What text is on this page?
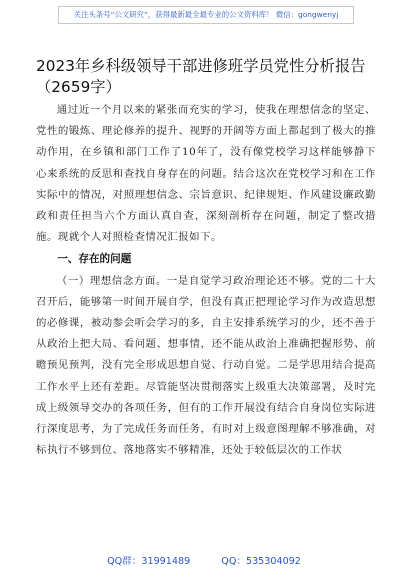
关注头条号“公文研究”，获得最新最全最专业的公文资料库！ 微信：gongwenyj
2023年乡科级领导干部进修班学员党性分析报告（2659字）

通过近一个月以来的紧张而充实的学习，使我在理想信念的坚定、党性的锻炼、理论修养的提升、视野的开阔等方面上都起到了极大的推动作用，在乡镇和部门工作了10年了，没有像党校学习这样能够静下心来系统的反思和查找自身存在的问题。结合这次在党校学习和在工作实际中的情况，对照理想信念、宗旨意识、纪律规矩、作风建设廉政勤政和责任担当六个方面认真自查，深刻剖析存在问题，制定了整改措施。现就个人对照检查情况汇报如下。

一、存在的问题

（一）理想信念方面。一是自觉学习政治理论还不够。党的二十大召开后，能够第一时间开展自学，但没有真正把理论学习作为改造思想的必修课，被动参会听会学习的多，自主安排系统学习的少，还不善于从政治上把大局、看问题、想事情，还不能从政治上准确把握形势、前瞻预见预判，没有完全形成思想自觉、行动自觉。二是学思用结合提高工作水平上还有差距。尽管能坚决贯彻落实上级重大决策部署，及时完成上级领导交办的各项任务，但有的工作开展没有结合自身岗位实际进行深度思考，为了完成任务而任务，有时对上级意图理解不够准确，对标执行不够到位、落地落实不够精准，还处于较低层次的工作状

QQ群：31991489	QQ：535304092
